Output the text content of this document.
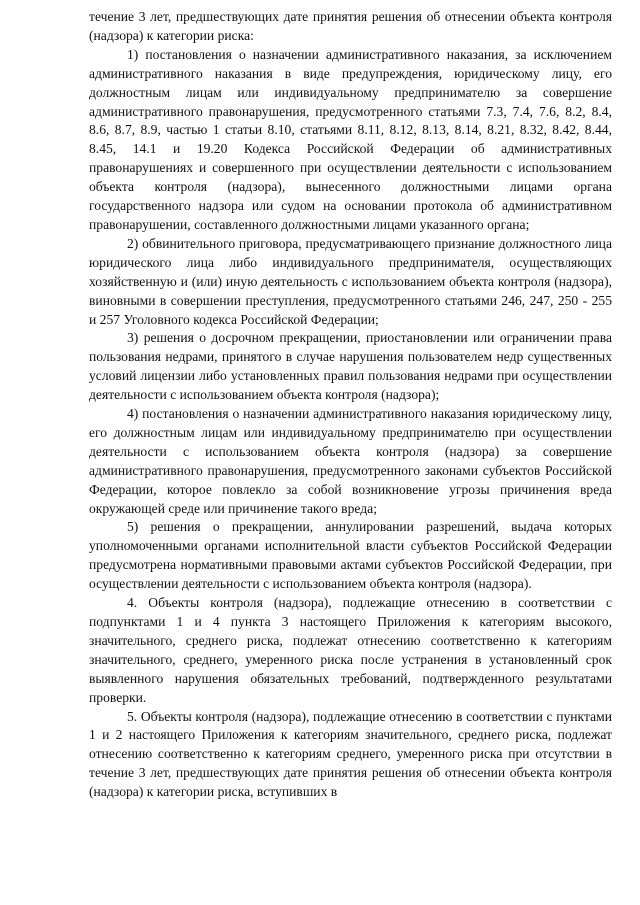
течение 3 лет, предшествующих дате принятия решения об отнесении объекта контроля (надзора) к категории риска:

1) постановления о назначении административного наказания, за исключением административного наказания в виде предупреждения, юридическому лицу, его должностным лицам или индивидуальному предпринимателю за совершение административного правонарушения, предусмотренного статьями 7.3, 7.4, 7.6, 8.2, 8.4, 8.6, 8.7, 8.9, частью 1 статьи 8.10, статьями 8.11, 8.12, 8.13, 8.14, 8.21, 8.32, 8.42, 8.44, 8.45, 14.1 и 19.20 Кодекса Российской Федерации об административных правонарушениях и совершенного при осуществлении деятельности с использованием объекта контроля (надзора), вынесенного должностными лицами органа государственного надзора или судом на основании протокола об административном правонарушении, составленного должностными лицами указанного органа;

2) обвинительного приговора, предусматривающего признание должностного лица юридического лица либо индивидуального предпринимателя, осуществляющих хозяйственную и (или) иную деятельность с использованием объекта контроля (надзора), виновными в совершении преступления, предусмотренного статьями 246, 247, 250 - 255 и 257 Уголовного кодекса Российской Федерации;

3) решения о досрочном прекращении, приостановлении или ограничении права пользования недрами, принятого в случае нарушения пользователем недр существенных условий лицензии либо установленных правил пользования недрами при осуществлении деятельности с использованием объекта контроля (надзора);

4) постановления о назначении административного наказания юридическому лицу, его должностным лицам или индивидуальному предпринимателю при осуществлении деятельности с использованием объекта контроля (надзора) за совершение административного правонарушения, предусмотренного законами субъектов Российской Федерации, которое повлекло за собой возникновение угрозы причинения вреда окружающей среде или причинение такого вреда;

5) решения о прекращении, аннулировании разрешений, выдача которых уполномоченными органами исполнительной власти субъектов Российской Федерации предусмотрена нормативными правовыми актами субъектов Российской Федерации, при осуществлении деятельности с использованием объекта контроля (надзора).

4. Объекты контроля (надзора), подлежащие отнесению в соответствии с подпунктами 1 и 4 пункта 3 настоящего Приложения к категориям высокого, значительного, среднего риска, подлежат отнесению соответственно к категориям значительного, среднего, умеренного риска после устранения в установленный срок выявленного нарушения обязательных требований, подтвержденного результатами проверки.

5. Объекты контроля (надзора), подлежащие отнесению в соответствии с пунктами 1 и 2 настоящего Приложения к категориям значительного, среднего риска, подлежат отнесению соответственно к категориям среднего, умеренного риска при отсутствии в течение 3 лет, предшествующих дате принятия решения об отнесении объекта контроля (надзора) к категории риска, вступивших в
